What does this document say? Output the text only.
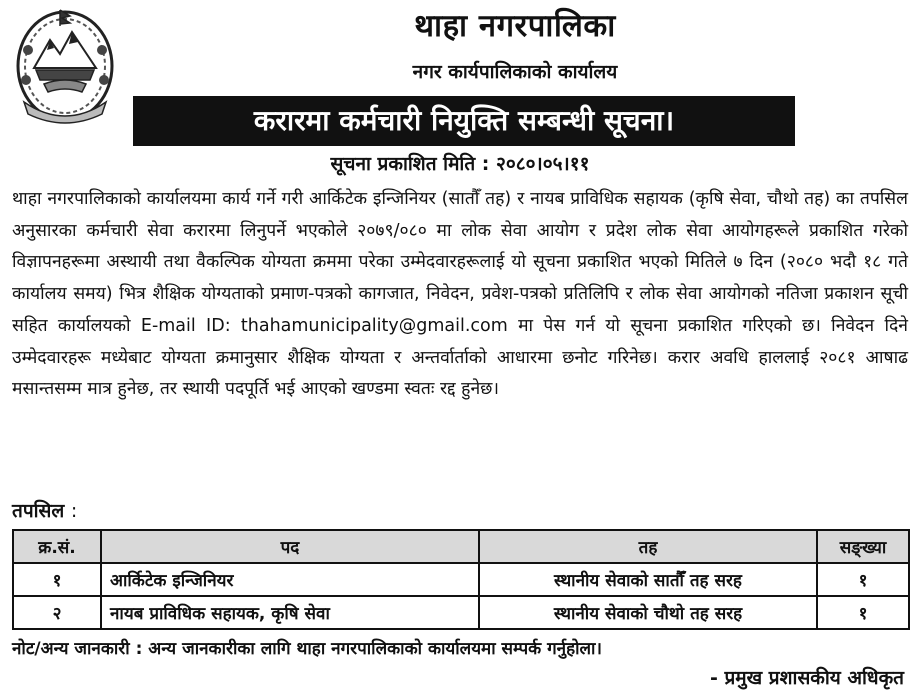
थाहा नगरपालिका
नगर कार्यपालिकाको कार्यालय
करारमा कर्मचारी नियुक्ति सम्बन्धी सूचना।
सूचना प्रकाशित मिति : २०८०।०५।११

थाहा नगरपालिकाको कार्यालयमा कार्य गर्ने गरी आर्किटेक इन्जिनियर (सातौँ तह) र नायब प्राविधिक सहायक (कृषि सेवा, चौथो तह) का तपसिल अनुसारका कर्मचारी सेवा करारमा लिनुपर्ने भएकोले २०७९/०८० मा लोक सेवा आयोग र प्रदेश लोक सेवा आयोगहरूले प्रकाशित गरेको विज्ञापनहरूमा अस्थायी तथा वैकल्पिक योग्यता क्रममा परेका उम्मेदवारहरूलाई यो सूचना प्रकाशित भएको मितिले ७ दिन (२०८० भदौ १८ गते कार्यालय समय) भित्र शैक्षिक योग्यताको प्रमाण-पत्रको कागजात, निवेदन, प्रवेश-पत्रको प्रतिलिपि र लोक सेवा आयोगको नतिजा प्रकाशन सूची सहित कार्यालयको E-mail ID: thahamunicipality@gmail.com मा पेस गर्न यो सूचना प्रकाशित गरिएको छ। निवेदन दिने उम्मेदवारहरू मध्येबाट योग्यता क्रमानुसार शैक्षिक योग्यता र अन्तर्वार्ताको आधारमा छनोट गरिनेछ। करार अवधि हाललाई २०८१ आषाढ मसान्तसम्म मात्र हुनेछ, तर स्थायी पदपूर्ति भई आएको खण्डमा स्वतः रद्द हुनेछ।

तपसिल :
क्र.सं.	पद	तह	सङ्ख्या
१	आर्किटेक इन्जिनियर	स्थानीय सेवाको सातौँ तह सरह	१
२	नायब प्राविधिक सहायक, कृषि सेवा	स्थानीय सेवाको चौथो तह सरह	१
नोट/अन्य जानकारी : अन्य जानकारीका लागि थाहा नगरपालिकाको कार्यालयमा सम्पर्क गर्नुहोला।
- प्रमुख प्रशासकीय अधिकृत
